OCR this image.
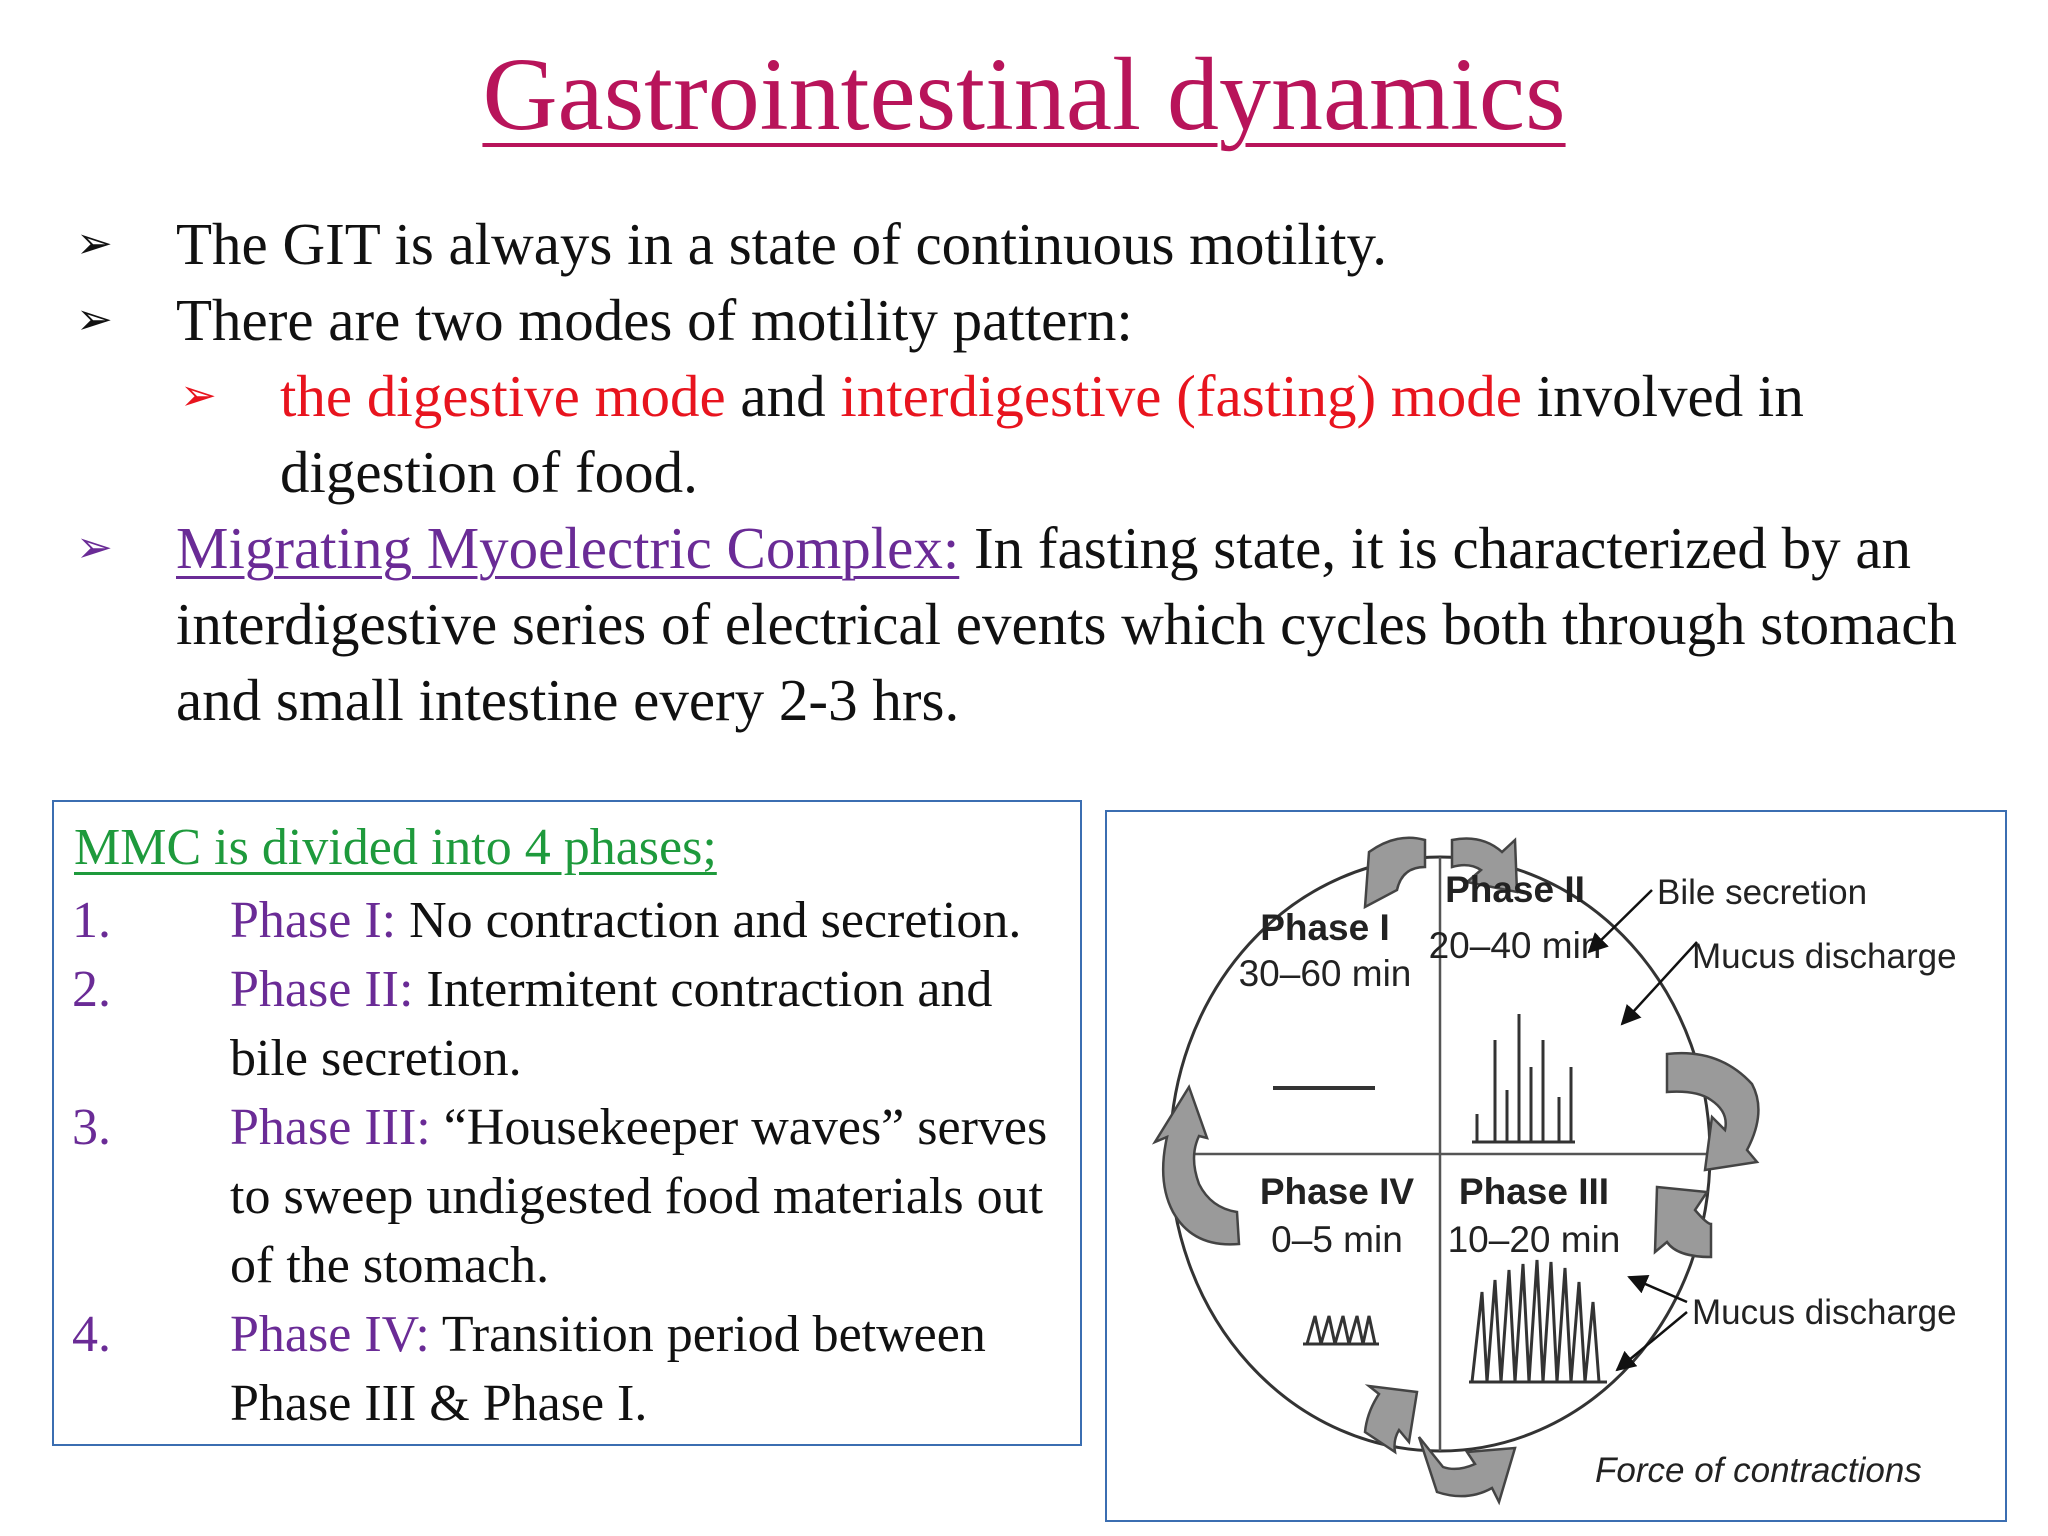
Gastrointestinal dynamics
➢ The GIT is always in a state of continuous motility.
➢ There are two modes of motility pattern:
➢ the digestive mode and interdigestive (fasting) mode involved in digestion of food.
➢ Migrating Myoelectric Complex: In fasting state, it is characterized by an interdigestive series of electrical events which cycles both through stomach and small intestine every 2-3 hrs.
MMC is divided into 4 phases;
1. Phase I: No contraction and secretion.
2. Phase II: Intermitent contraction and bile secretion.
3. Phase III: “Housekeeper waves” serves to sweep undigested food materials out of the stomach.
4. Phase IV: Transition period between Phase III & Phase I.
Phase I
30–60 min
Phase II
20–40 min
Phase IV
0–5 min
Phase III
10–20 min
Bile secretion
Mucus discharge
Mucus discharge
Force of contractions
